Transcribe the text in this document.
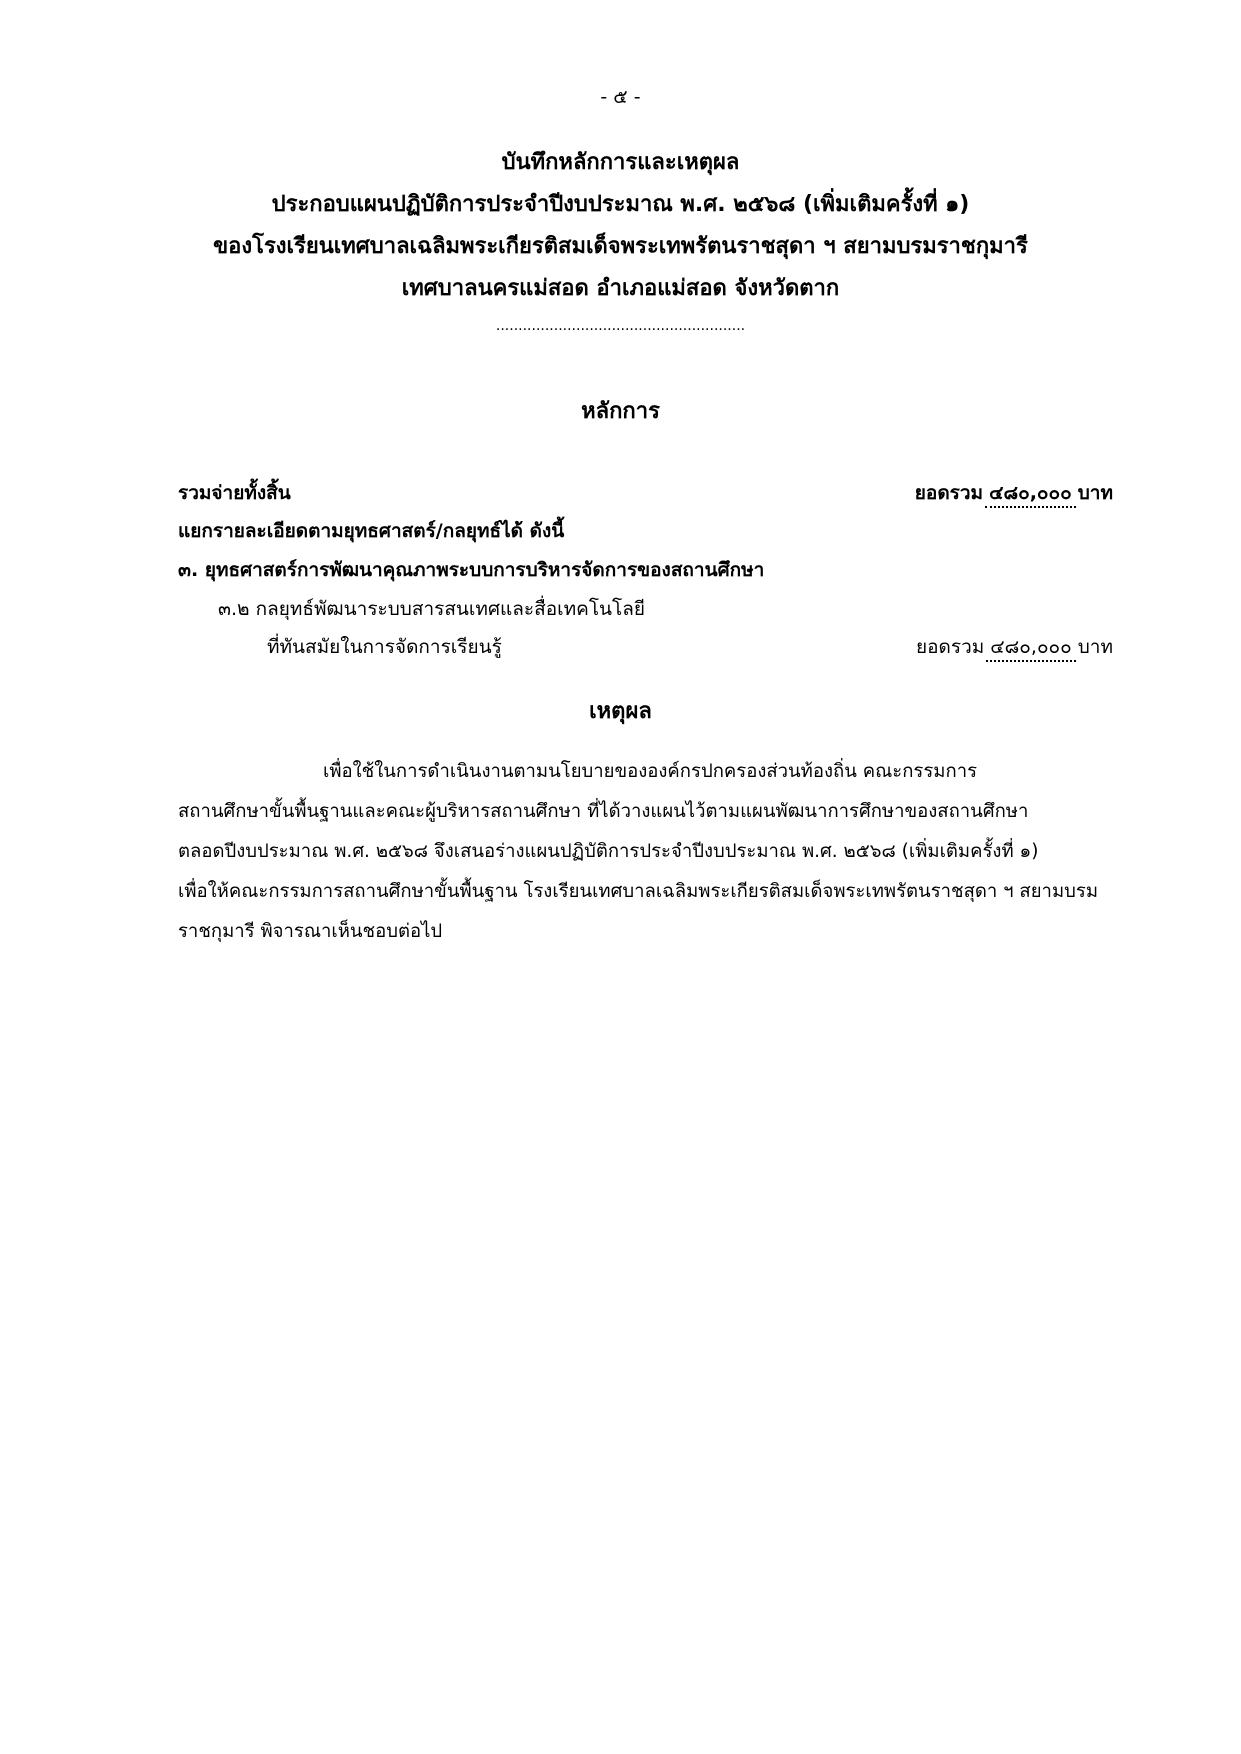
- ๕ -
บันทึกหลักการและเหตุผล
ประกอบแผนปฏิบัติการประจำปีงบประมาณ พ.ศ. ๒๕๖๘ (เพิ่มเติมครั้งที่ ๑)
ของโรงเรียนเทศบาลเฉลิมพระเกียรติสมเด็จพระเทพรัตนราชสุดา ฯ สยามบรมราชกุมารี
เทศบาลนครแม่สอด อำเภอแม่สอด จังหวัดตาก
........................................................
หลักการ
รวมจ่ายทั้งสิ้น	ยอดรวม ๔๘๐,๐๐๐ บาท
แยกรายละเอียดตามยุทธศาสตร์/กลยุทธ์ได้ ดังนี้
๓. ยุทธศาสตร์การพัฒนาคุณภาพระบบการบริหารจัดการของสถานศึกษา
๓.๒ กลยุทธ์พัฒนาระบบสารสนเทศและสื่อเทคโนโลยี
ที่ทันสมัยในการจัดการเรียนรู้	ยอดรวม ๔๘๐,๐๐๐ บาท
เหตุผล
เพื่อใช้ในการดำเนินงานตามนโยบายขององค์กรปกครองส่วนท้องถิ่น คณะกรรมการ
สถานศึกษาขั้นพื้นฐานและคณะผู้บริหารสถานศึกษา ที่ได้วางแผนไว้ตามแผนพัฒนาการศึกษาของสถานศึกษา
ตลอดปีงบประมาณ พ.ศ. ๒๕๖๘ จึงเสนอร่างแผนปฏิบัติการประจำปีงบประมาณ พ.ศ. ๒๕๖๘ (เพิ่มเติมครั้งที่ ๑)
เพื่อให้คณะกรรมการสถานศึกษาขั้นพื้นฐาน โรงเรียนเทศบาลเฉลิมพระเกียรติสมเด็จพระเทพรัตนราชสุดา ฯ สยามบรม
ราชกุมารี พิจารณาเห็นชอบต่อไป
